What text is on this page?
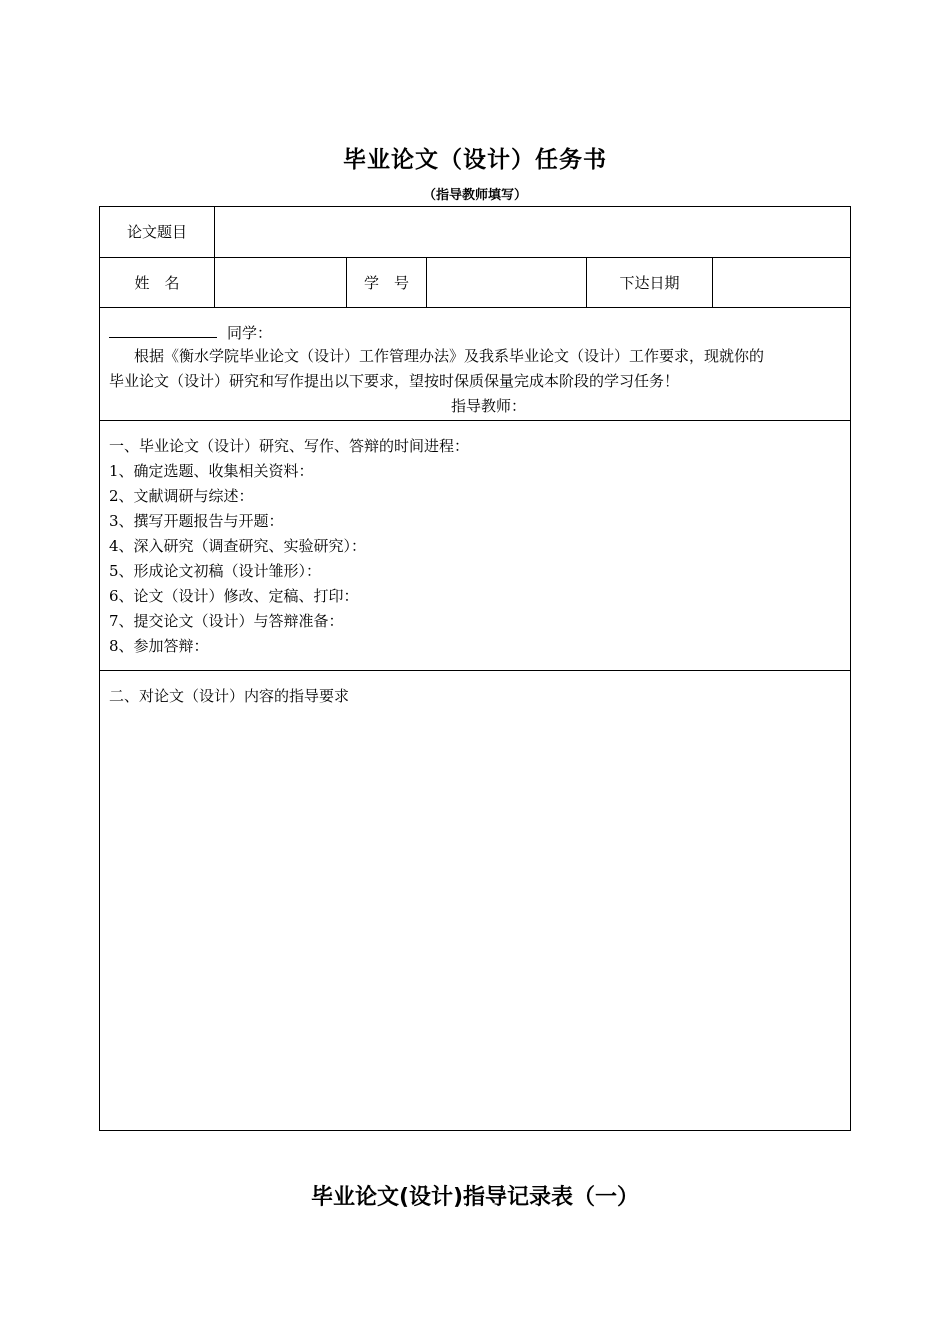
毕业论文（设计）任务书
（指导教师填写）
论文题目
姓　名	学　号	下达日期
同学：
根据《衡水学院毕业论文（设计）工作管理办法》及我系毕业论文（设计）工作要求，现就你的
毕业论文（设计）研究和写作提出以下要求，望按时保质保量完成本阶段的学习任务！
指导教师：
一、毕业论文（设计）研究、写作、答辩的时间进程：
1、确定选题、收集相关资料：
2、文献调研与综述：
3、撰写开题报告与开题：
4、深入研究（调查研究、实验研究）：
5、形成论文初稿（设计雏形）：
6、论文（设计）修改、定稿、打印：
7、提交论文（设计）与答辩准备：
8、参加答辩：
二、对论文（设计）内容的指导要求
毕业论文(设计)指导记录表（一）
